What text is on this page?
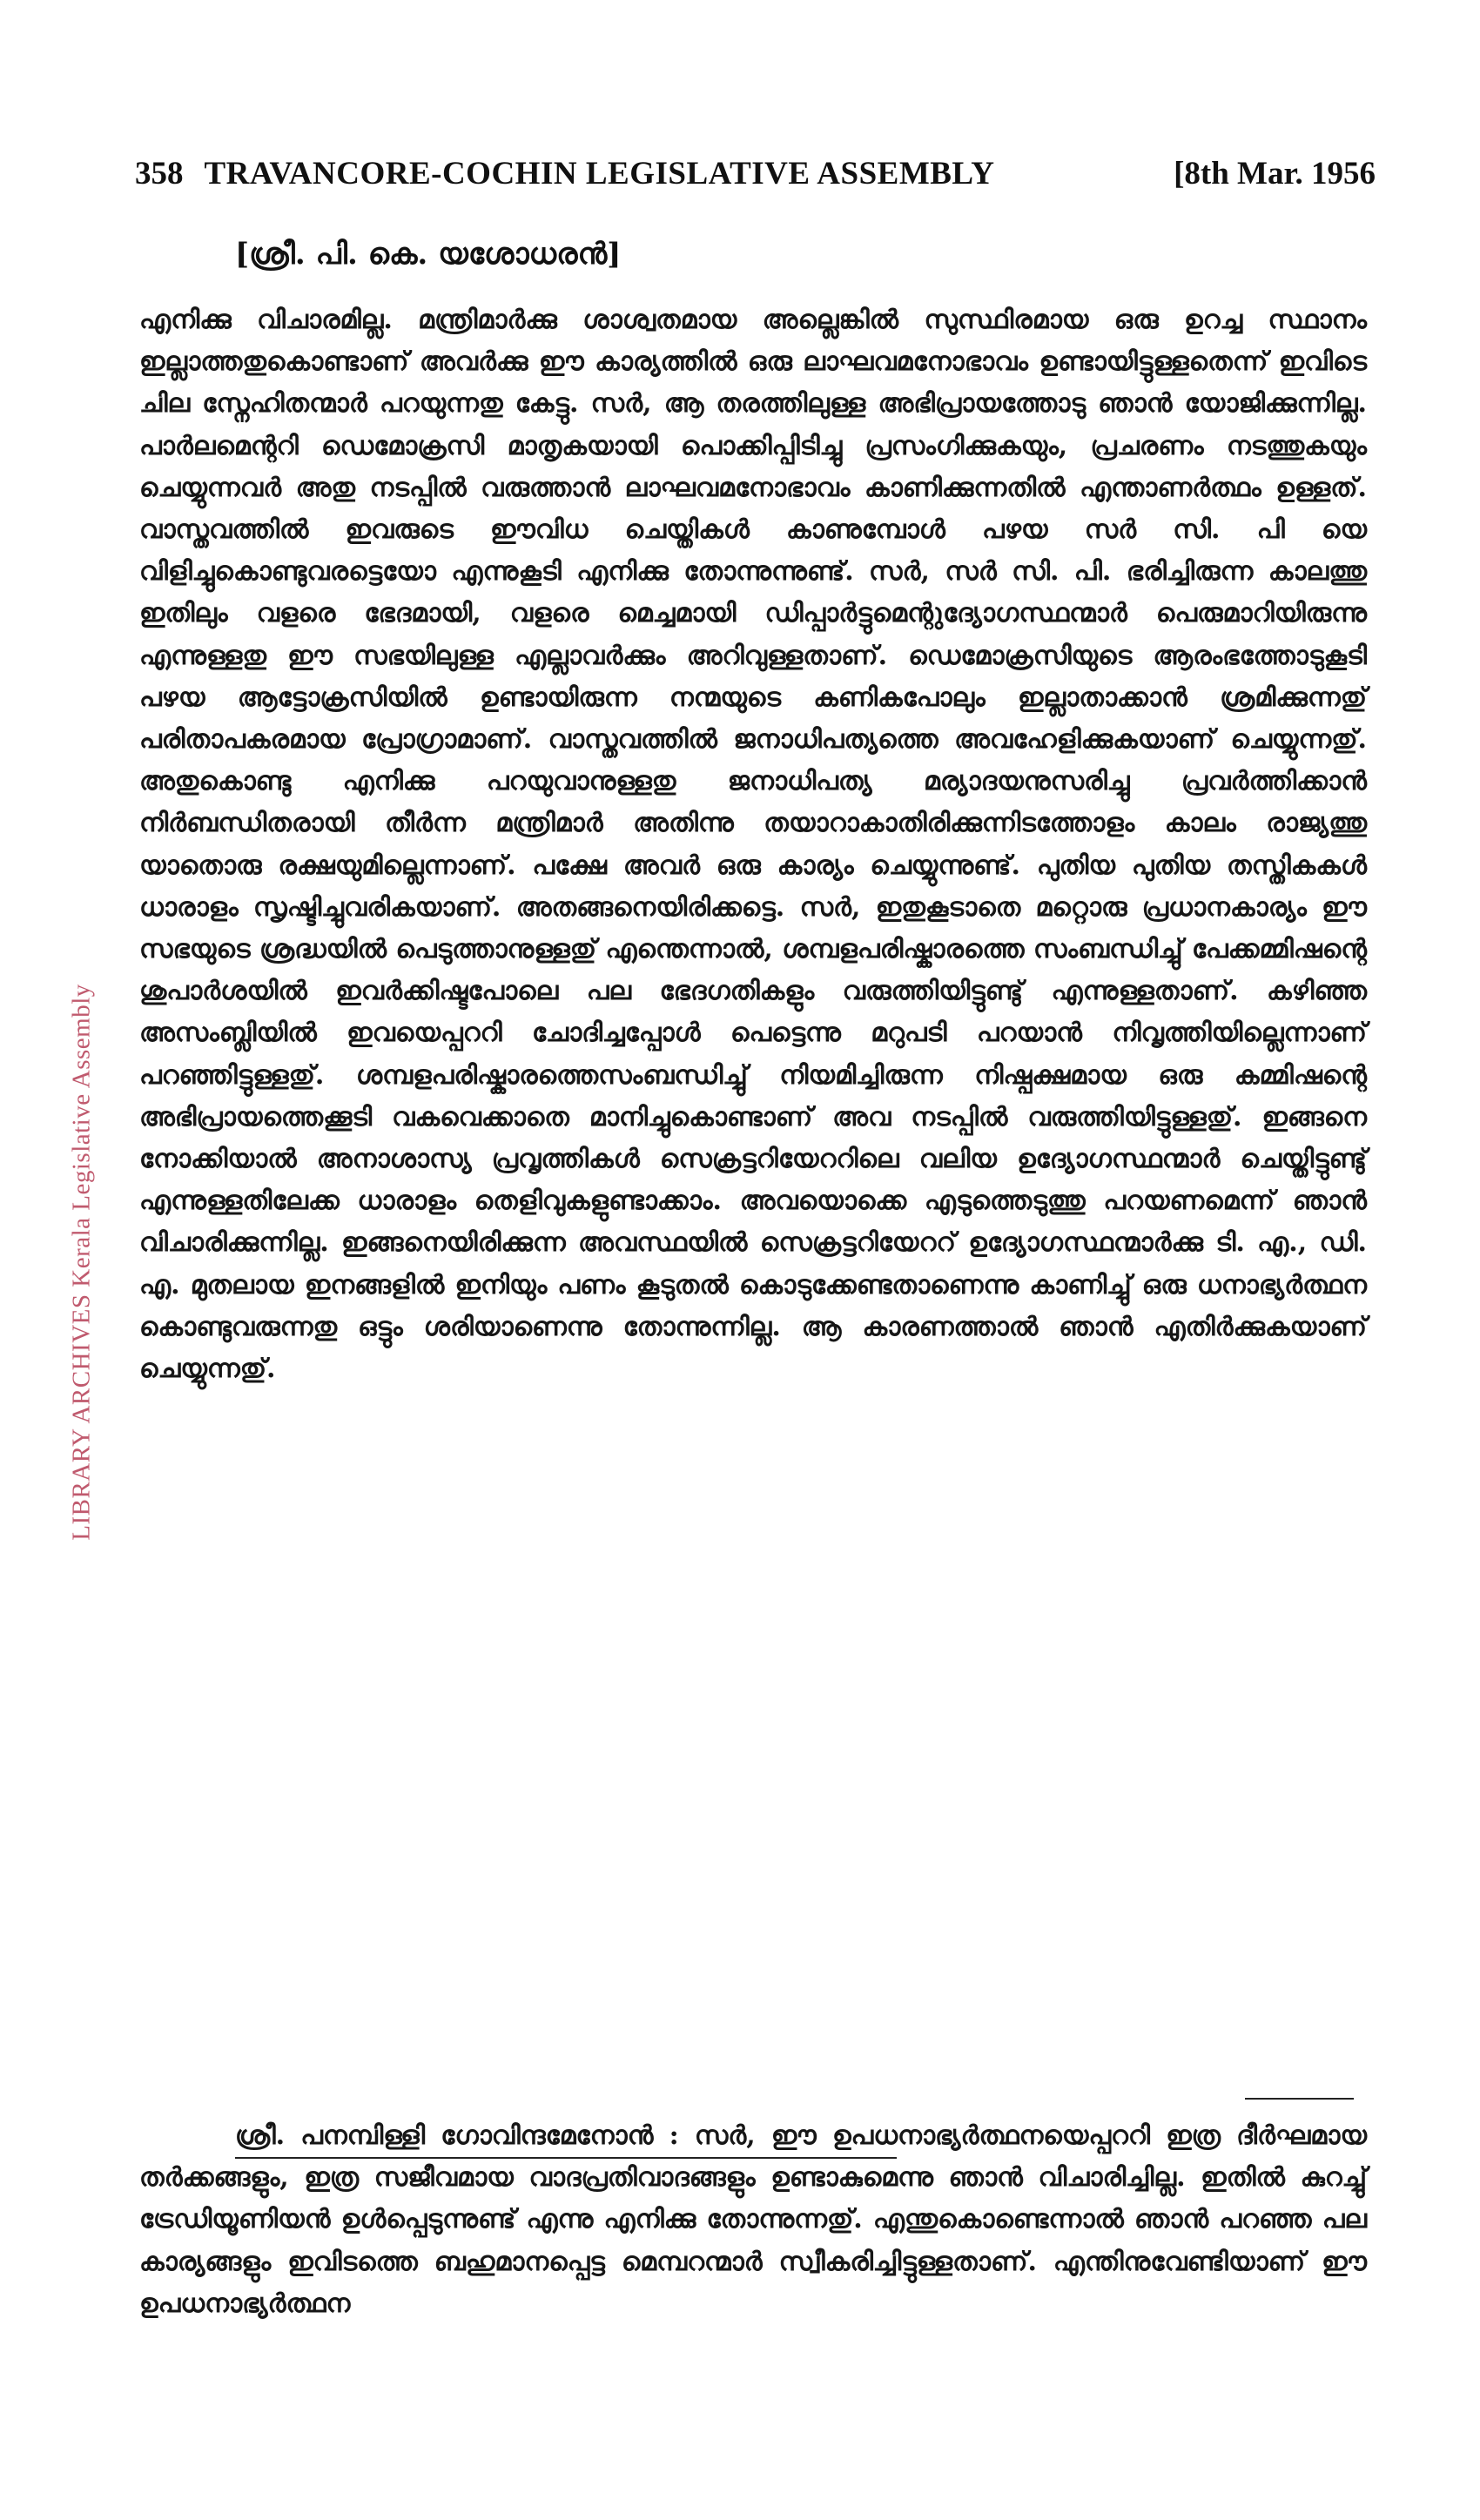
LIBRARY ARCHIVES Kerala Legislative Assembly
358 TRAVANCORE-COCHIN LEGISLATIVE ASSEMBLY	[8th Mar. 1956
[ശ്രീ. പി. കെ. യശോധരൻ]

എനിക്കു വിചാരമില്ല. മന്ത്രിമാർക്കു ശാശ്വതമായ അല്ലെങ്കിൽ സുസ്ഥിരമായ ഒരു ഉറച്ച സ്ഥാനം ഇല്ലാത്തതുകൊണ്ടാണ് അവർക്കു ഈ കാര്യത്തിൽ ഒരു ലാഘവമനോഭാവം ഉണ്ടായിട്ടുള്ളതെന്ന് ഇവിടെ ചില സ്നേഹിതന്മാർ പറയുന്നതു കേട്ടു. സർ, ആ തരത്തിലുള്ള അഭിപ്രായത്തോടു ഞാൻ യോജിക്കുന്നില്ല. പാർലമെന്ററി ഡെമോക്രസി മാതൃകയായി പൊക്കിപ്പിടിച്ചു പ്രസംഗിക്കുകയും, പ്രചരണം നടത്തുകയും ചെയ്യുന്നവർ അതു നടപ്പിൽ വരുത്താൻ ലാഘവമനോഭാവം കാണിക്കുന്നതിൽ എന്താണർത്ഥം ഉള്ളത്. വാസ്തവത്തിൽ ഇവരുടെ ഈവിധ ചെയ്തികൾ കാണുമ്പോൾ പഴയ സർ സി. പി യെ വിളിച്ചുകൊണ്ടുവരട്ടെയോ എന്നുകൂടി എനിക്കു തോന്നുന്നുണ്ട്. സർ, സർ സി. പി. ഭരിച്ചിരുന്ന കാലത്തു ഇതിലും വളരെ ഭേദമായി, വളരെ മെച്ചമായി ഡിപ്പാർട്ടുമെന്റുദ്യോഗസ്ഥന്മാർ പെരുമാറിയിരുന്നു എന്നുള്ളതു ഈ സഭയിലുള്ള എല്ലാവർക്കും അറിവുള്ളതാണ്. ഡെമോക്രസിയുടെ ആരംഭത്തോടുകൂടി പഴയ ആട്ടോക്രസിയിൽ ഉണ്ടായിരുന്ന നന്മയുടെ കണികപോലും ഇല്ലാതാക്കാൻ ശ്രമിക്കുന്നതു് പരിതാപകരമായ പ്രോഗ്രാമാണ്. വാസ്തവത്തിൽ ജനാധിപത്യത്തെ അവഹേളിക്കുകയാണ് ചെയ്യുന്നതു്. അതുകൊണ്ടു എനിക്കു പറയുവാനുള്ളതു ജനാധിപത്യ മര്യാദയനുസരിച്ചു പ്രവർത്തിക്കാൻ നിർബന്ധിതരായി തീർന്ന മന്ത്രിമാർ അതിന്നു തയാറാകാതിരിക്കുന്നിടത്തോളം കാലം രാജ്യത്തു യാതൊരു രക്ഷയുമില്ലെന്നാണ്. പക്ഷേ അവർ ഒരു കാര്യം ചെയ്യുന്നുണ്ട്. പുതിയ പുതിയ തസ്തികകൾ ധാരാളം സൃഷ്ടിച്ചുവരികയാണ്. അതങ്ങനെയിരിക്കട്ടെ. സർ, ഇതുകൂടാതെ മറ്റൊരു പ്രധാനകാര്യം ഈ സഭയുടെ ശ്രദ്ധയിൽ പെടുത്താനുള്ളതു് എന്തെന്നാൽ, ശമ്പളപരിഷ്കാരത്തെ സംബന്ധിച്ചു് പേക്കമ്മിഷന്റെ ശുപാർശയിൽ ഇവർക്കിഷ്ടപോലെ പല ഭേദഗതികളും വരുത്തിയിട്ടുണ്ടു് എന്നുള്ളതാണ്. കഴിഞ്ഞ അസംബ്ലിയിൽ ഇവയെപ്പററി ചോദിച്ചപ്പോൾ പെട്ടെന്നു മറുപടി പറയാൻ നിവൃത്തിയില്ലെന്നാണ് പറഞ്ഞിട്ടുള്ളതു്. ശമ്പളപരിഷ്കാരത്തെസംബന്ധിച്ചു് നിയമിച്ചിരുന്ന നിഷ്പക്ഷമായ ഒരു കമ്മിഷന്റെ അഭിപ്രായത്തെക്കൂടി വകവെക്കാതെ മാനിച്ചുകൊണ്ടാണ് അവ നടപ്പിൽ വരുത്തിയിട്ടുള്ളതു്. ഇങ്ങനെ നോക്കിയാൽ അനാശാസ്യ പ്രവൃത്തികൾ സെക്രട്ടറിയേററിലെ വലിയ ഉദ്യോഗസ്ഥന്മാർ ചെയ്തിട്ടുണ്ടു് എന്നുള്ളതിലേക്ക ധാരാളം തെളിവുകളുണ്ടാക്കാം. അവയൊക്കെ എടുത്തെടുത്തു പറയണമെന്ന് ഞാൻ വിചാരിക്കുന്നില്ല. ഇങ്ങനെയിരിക്കുന്ന അവസ്ഥയിൽ സെക്രട്ടറിയേററ് ഉദ്യോഗസ്ഥന്മാർക്കു ടി. എ., ഡി. എ. മുതലായ ഇനങ്ങളിൽ ഇനിയും പണം കൂടുതൽ കൊടുക്കേണ്ടതാണെന്നു കാണിച്ചു് ഒരു ധനാഭ്യർത്ഥന കൊണ്ടുവരുന്നതു ഒട്ടും ശരിയാണെന്നു തോന്നുന്നില്ല. ആ കാരണത്താൽ ഞാൻ എതിർക്കുകയാണ് ചെയ്യുന്നതു്.

ശ്രീ. പനമ്പിള്ളി ഗോവിന്ദമേനോൻ : സർ, ഈ ഉപധനാഭ്യർത്ഥനയെപ്പററി ഇത്ര ദീർഘമായ തർക്കങ്ങളും, ഇത്ര സജീവമായ വാദപ്രതിവാദങ്ങളും ഉണ്ടാകുമെന്നു ഞാൻ വിചാരിച്ചില്ല. ഇതിൽ കുറച്ചു് ട്രേഡിയൂണിയൻ ഉൾപ്പെടുന്നുണ്ട് എന്നു എനിക്കു തോന്നുന്നതു്. എന്തുകൊണ്ടെന്നാൽ ഞാൻ പറഞ്ഞ പല കാര്യങ്ങളും ഇവിടത്തെ ബഹുമാനപ്പെട്ട മെമ്പറന്മാർ സ്വീകരിച്ചിട്ടുള്ളതാണ്. എന്തിനുവേണ്ടിയാണ് ഈ ഉപധനാഭ്യർത്ഥന
